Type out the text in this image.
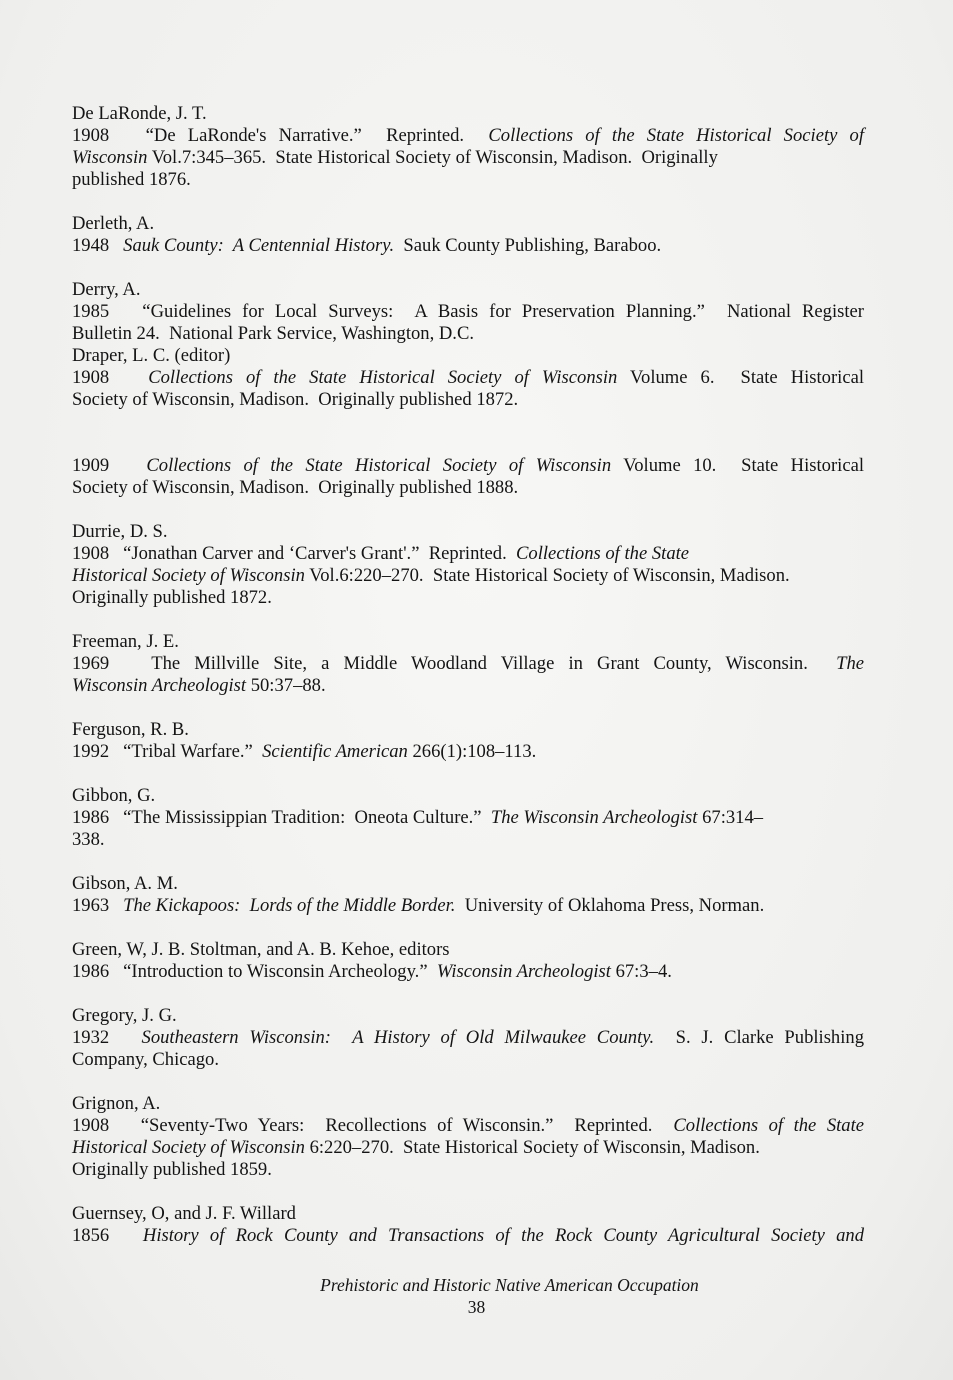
De LaRonde, J. T.
1908   “De LaRonde's Narrative.”  Reprinted.  Collections of the State Historical Society of
Wisconsin Vol.7:345–365.  State Historical Society of Wisconsin, Madison.  Originally
published 1876.
Derleth, A.
1948   Sauk County:  A Centennial History.  Sauk County Publishing, Baraboo.
Derry, A.
1985   “Guidelines for Local Surveys:  A Basis for Preservation Planning.”  National Register
Bulletin 24.  National Park Service, Washington, D.C.
Draper, L. C. (editor)
1908   Collections of the State Historical Society of Wisconsin Volume 6.  State Historical
Society of Wisconsin, Madison.  Originally published 1872.

1909   Collections of the State Historical Society of Wisconsin Volume 10.  State Historical
Society of Wisconsin, Madison.  Originally published 1888.
Durrie, D. S.
1908   “Jonathan Carver and ‘Carver's Grant'.”  Reprinted.  Collections of the State
Historical Society of Wisconsin Vol.6:220–270.  State Historical Society of Wisconsin, Madison.
Originally published 1872.
Freeman, J. E.
1969   The Millville Site, a Middle Woodland Village in Grant County, Wisconsin.  The
Wisconsin Archeologist 50:37–88.
Ferguson, R. B.
1992   “Tribal Warfare.”  Scientific American 266(1):108–113.
Gibbon, G.
1986   “The Mississippian Tradition:  Oneota Culture.”  The Wisconsin Archeologist 67:314–
338.
Gibson, A. M.
1963   The Kickapoos:  Lords of the Middle Border.  University of Oklahoma Press, Norman.
Green, W, J. B. Stoltman, and A. B. Kehoe, editors
1986   “Introduction to Wisconsin Archeology.”  Wisconsin Archeologist 67:3–4.
Gregory, J. G.
1932   Southeastern Wisconsin:  A History of Old Milwaukee County.  S. J. Clarke Publishing
Company, Chicago.
Grignon, A.
1908   “Seventy-Two Years:  Recollections of Wisconsin.”  Reprinted.  Collections of the State
Historical Society of Wisconsin 6:220–270.  State Historical Society of Wisconsin, Madison.
Originally published 1859.
Guernsey, O, and J. F. Willard
1856   History of Rock County and Transactions of the Rock County Agricultural Society and
Prehistoric and Historic Native American Occupation
38
